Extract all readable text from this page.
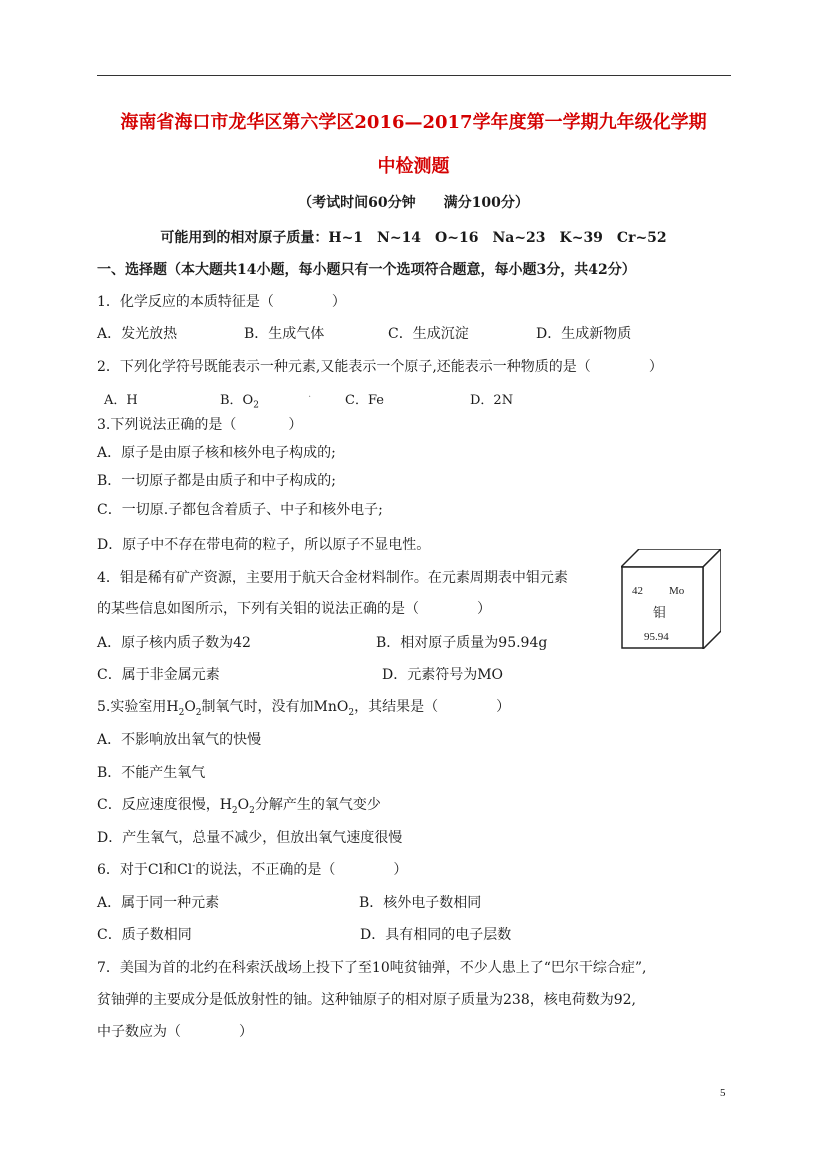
海南省海口市龙华区第六学区2016—2017学年度第一学期九年级化学期
中检测题
（考试时间60分钟　　满分100分）
可能用到的相对原子质量：H~1　N~14　O~16　Na~23　K~39　Cr~52
一、选择题（本大题共14小题，每小题只有一个选项符合题意，每小题3分，共42分）
1．化学反应的本质特征是（	）
A．发光放热	B．生成气体	C．生成沉淀	D．生成新物质
2．下列化学符号既能表示一种元素,又能表示一个原子,还能表示一种物质的是（	）
A．H	B．$O_2$
.	C．Fe	D．2N
3.下列说法正确的是（	）
A．原子是由原子核和核外电子构成的;
B．一切原子都是由质子和中子构成的;
C．一切原.子都包含着质子、中子和核外电子;
D．原子中不存在带电荷的粒子，所以原子不显电性。
4．钼是稀有矿产资源，主要用于航天合金材料制作。在元素周期表中钼元素
的某些信息如图所示，下列有关钼的说法正确的是（	）
A．原子核内质子数为42	B．相对原子质量为95.94g
C．属于非金属元素	D．元素符号为MO
42 Mo
钼
95.94
5.实验室用$H_2O_2$制氧气时，没有加MnO$_2$，其结果是（	）
A．不影响放出氧气的快慢
B．不能产生氧气
C．反应速度很慢，$H_2O_2$分解产生的氧气变少
D．产生氧气，总量不减少，但放出氧气速度很慢
6．对于Cl和Cl-的说法，不正确的是（	）
A．属于同一种元素	B．核外电子数相同
C．质子数相同	D．具有相同的电子层数
7．美国为首的北约在科索沃战场上投下了至10吨贫铀弹，不少人患上了“巴尔干综合症”,
贫铀弹的主要成分是低放射性的铀。这种铀原子的相对原子质量为238，核电荷数为92,
中子数应为（	）
5
